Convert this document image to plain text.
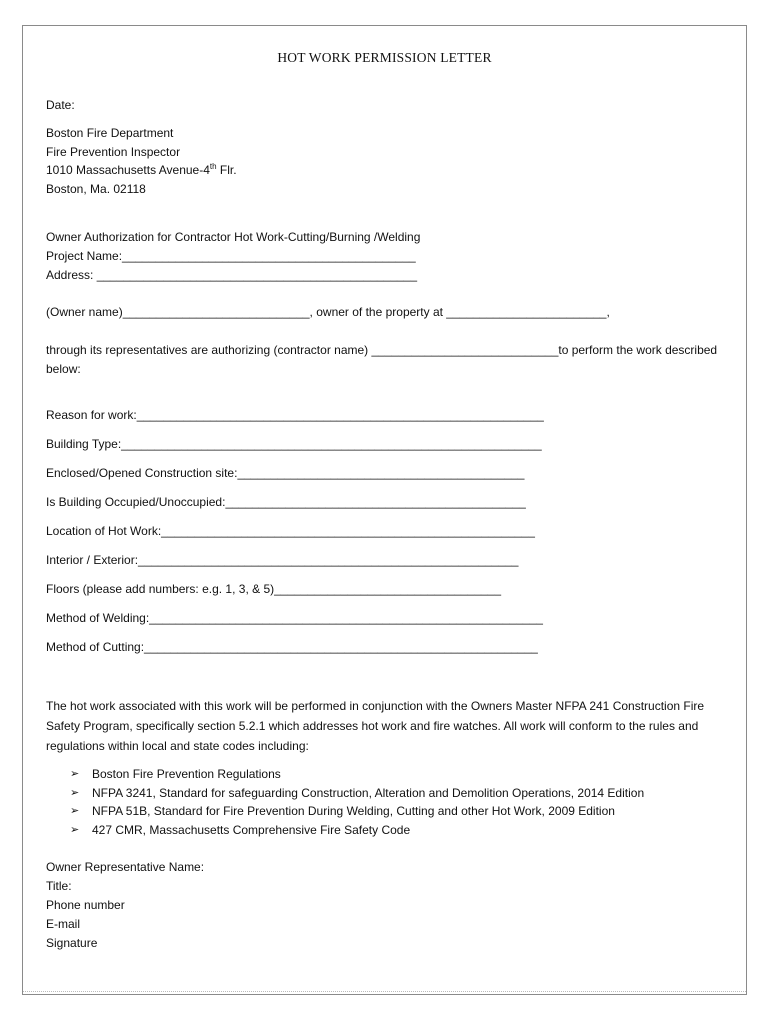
HOT WORK PERMISSION LETTER
Date:
Boston Fire Department
Fire Prevention Inspector
1010 Massachusetts Avenue-4th Flr.
Boston, Ma. 02118
Owner Authorization for Contractor Hot Work-Cutting/Burning /Welding
Project Name:____________________________________________
Address: ________________________________________________
(Owner name)____________________________, owner of the property at ________________________,
through its representatives are authorizing (contractor name) ____________________________to perform the work described below:
Reason for work:_____________________________________________________________
Building Type:_______________________________________________________________
Enclosed/Opened Construction site:___________________________________________
Is Building Occupied/Unoccupied:_____________________________________________
Location of Hot Work:________________________________________________________
Interior / Exterior:_________________________________________________________
Floors (please add numbers: e.g. 1, 3, & 5)__________________________________
Method of Welding:___________________________________________________________
Method of Cutting:___________________________________________________________
The hot work associated with this work will be performed in conjunction with the Owners Master NFPA 241 Construction Fire Safety Program, specifically section 5.2.1 which addresses hot work and fire watches. All work will conform to the rules and regulations within local and state codes including:
➢	Boston Fire Prevention Regulations
➢	NFPA 3241, Standard for safeguarding Construction, Alteration and Demolition Operations, 2014 Edition
➢	NFPA 51B, Standard for Fire Prevention During Welding, Cutting and other Hot Work, 2009 Edition
➢	427 CMR, Massachusetts Comprehensive Fire Safety Code
Owner Representative Name:
Title:
Phone number
E-mail
Signature
